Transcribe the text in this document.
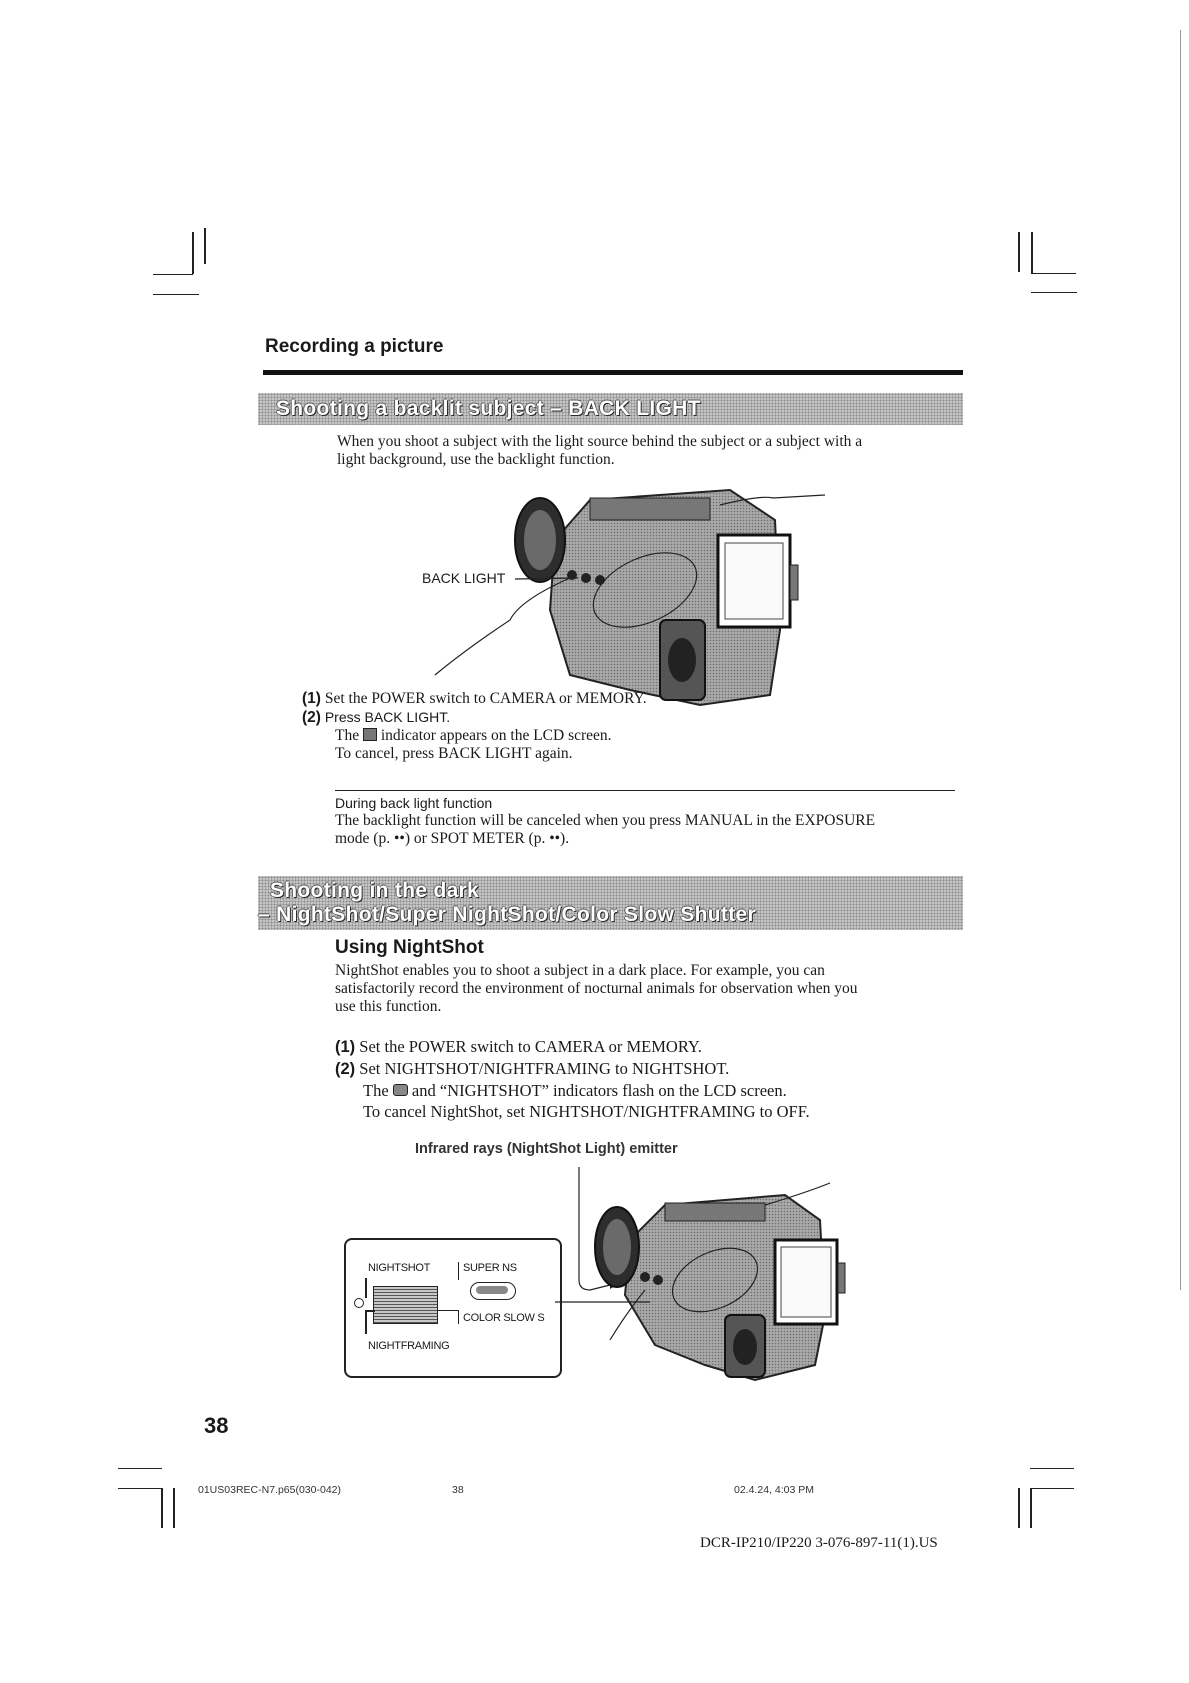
Recording a picture
Shooting a backlit subject – BACK LIGHT
When you shoot a subject with the light source behind the subject or a subject with a
light background, use the backlight function.
BACK LIGHT
(1) Set the POWER switch to CAMERA or MEMORY.
(2) Press BACK LIGHT.
The indicator appears on the LCD screen.
To cancel, press BACK LIGHT again.
During back light function
The backlight function will be canceled when you press MANUAL in the EXPOSURE
mode (p. ••) or SPOT METER (p. ••).
Shooting in the dark
– NightShot/Super NightShot/Color Slow Shutter
Using NightShot
NightShot enables you to shoot a subject in a dark place. For example, you can
satisfactorily record the environment of nocturnal animals for observation when you
use this function.
(1) Set the POWER switch to CAMERA or MEMORY.
(2) Set NIGHTSHOT/NIGHTFRAMING to NIGHTSHOT.
The and “NIGHTSHOT” indicators flash on the LCD screen.
To cancel NightShot, set NIGHTSHOT/NIGHTFRAMING to OFF.
Infrared rays (NightShot Light) emitter
NIGHTSHOT	SUPER NS
COLOR SLOW S
NIGHTFRAMING
38
01US03REC-N7.p65(030-042)	38	02.4.24, 4:03 PM
DCR-IP210/IP220 3-076-897-11(1).US
